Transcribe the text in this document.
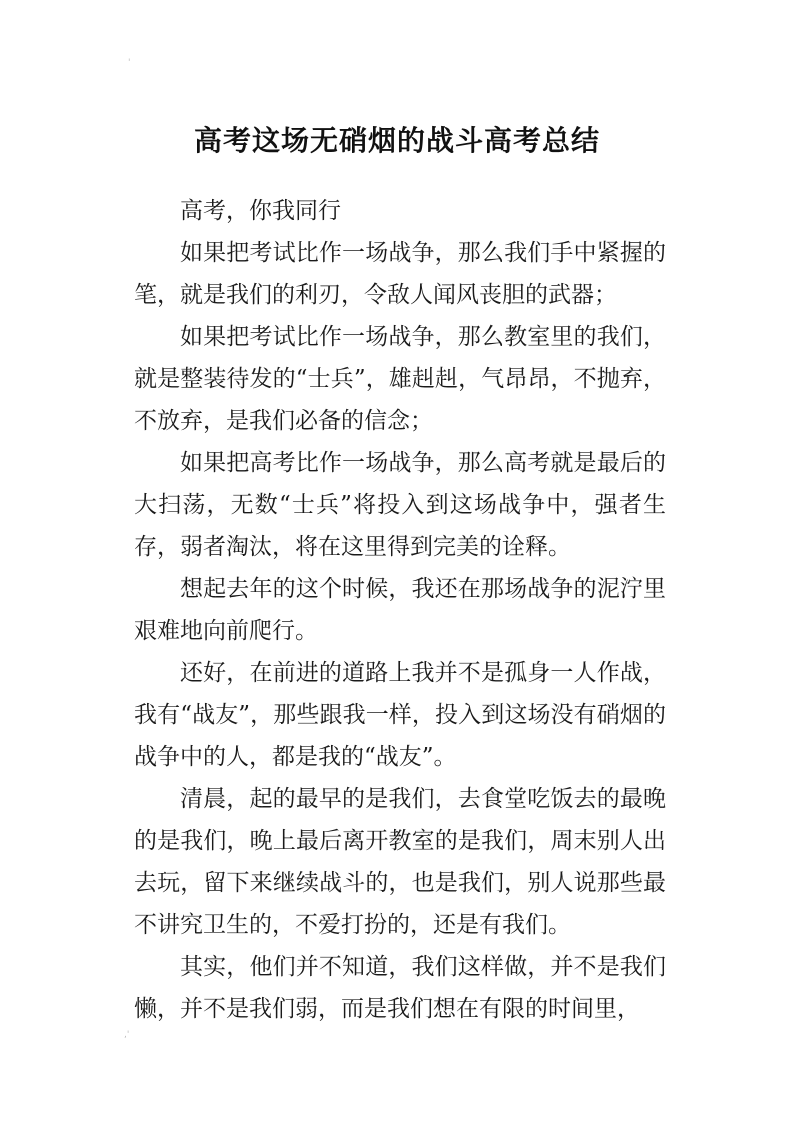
'
高考这场无硝烟的战斗高考总结

高考，你我同行

如果把考试比作一场战争，那么我们手中紧握的笔，就是我们的利刃，令敌人闻风丧胆的武器；

如果把考试比作一场战争，那么教室里的我们，就是整装待发的“士兵”，雄赳赳，气昂昂，不抛弃，不放弃，是我们必备的信念；

如果把高考比作一场战争，那么高考就是最后的大扫荡，无数“士兵”将投入到这场战争中，强者生存，弱者淘汰，将在这里得到完美的诠释。

想起去年的这个时候，我还在那场战争的泥泞里艰难地向前爬行。

还好，在前进的道路上我并不是孤身一人作战，我有“战友”，那些跟我一样，投入到这场没有硝烟的战争中的人，都是我的“战友”。

清晨，起的最早的是我们，去食堂吃饭去的最晚的是我们，晚上最后离开教室的是我们，周末别人出去玩，留下来继续战斗的，也是我们，别人说那些最不讲究卫生的，不爱打扮的，还是有我们。

其实，他们并不知道，我们这样做，并不是我们懒，并不是我们弱，而是我们想在有限的时间里，

,'
